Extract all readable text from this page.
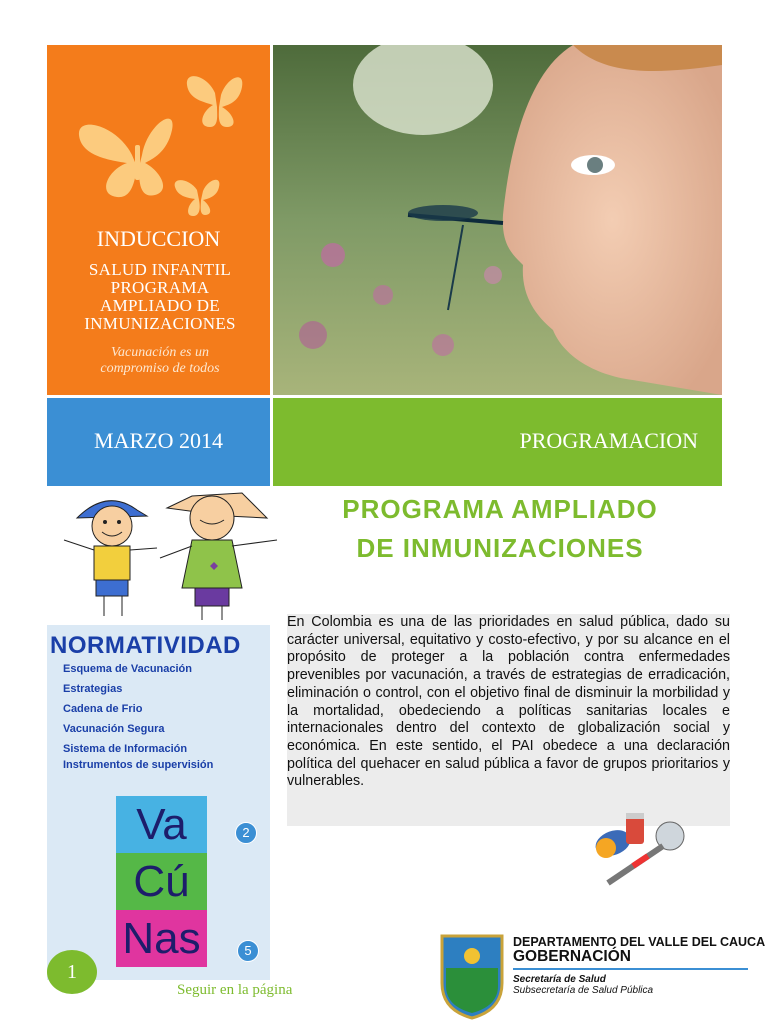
INDUCCION
SALUD INFANTIL
PROGRAMA
AMPLIADO DE
INMUNIZACIONES
Vacunación es un
compromiso de todos
MARZO 2014	PROGRAMACION
NORMATIVIDAD
Esquema de Vacunación
Estrategias
Cadena de Frio
Vacunación Segura
Sistema de Información
Instrumentos de supervisión
Va
Cú
Nas
2
5
PROGRAMA AMPLIADO
DE INMUNIZACIONES
En Colombia es una de las prioridades en salud pública, dado su carácter universal, equitativo y costo-efectivo, y por su alcance en el propósito de proteger a la población contra enfermedades prevenibles por vacunación, a través de estrategias de erradicación, eliminación o control, con el objetivo final de disminuir la morbilidad y la mortalidad, obedeciendo a políticas sanitarias locales e internacionales dentro del contexto de globalización social y económica. En este sentido, el PAI obedece a una declaración política del quehacer en salud pública a favor de grupos prioritarios y vulnerables.
1
Seguir en la página
DEPARTAMENTO DEL VALLE DEL CAUCA
GOBERNACIÓN
Secretaría de Salud
Subsecretaría de Salud Pública
